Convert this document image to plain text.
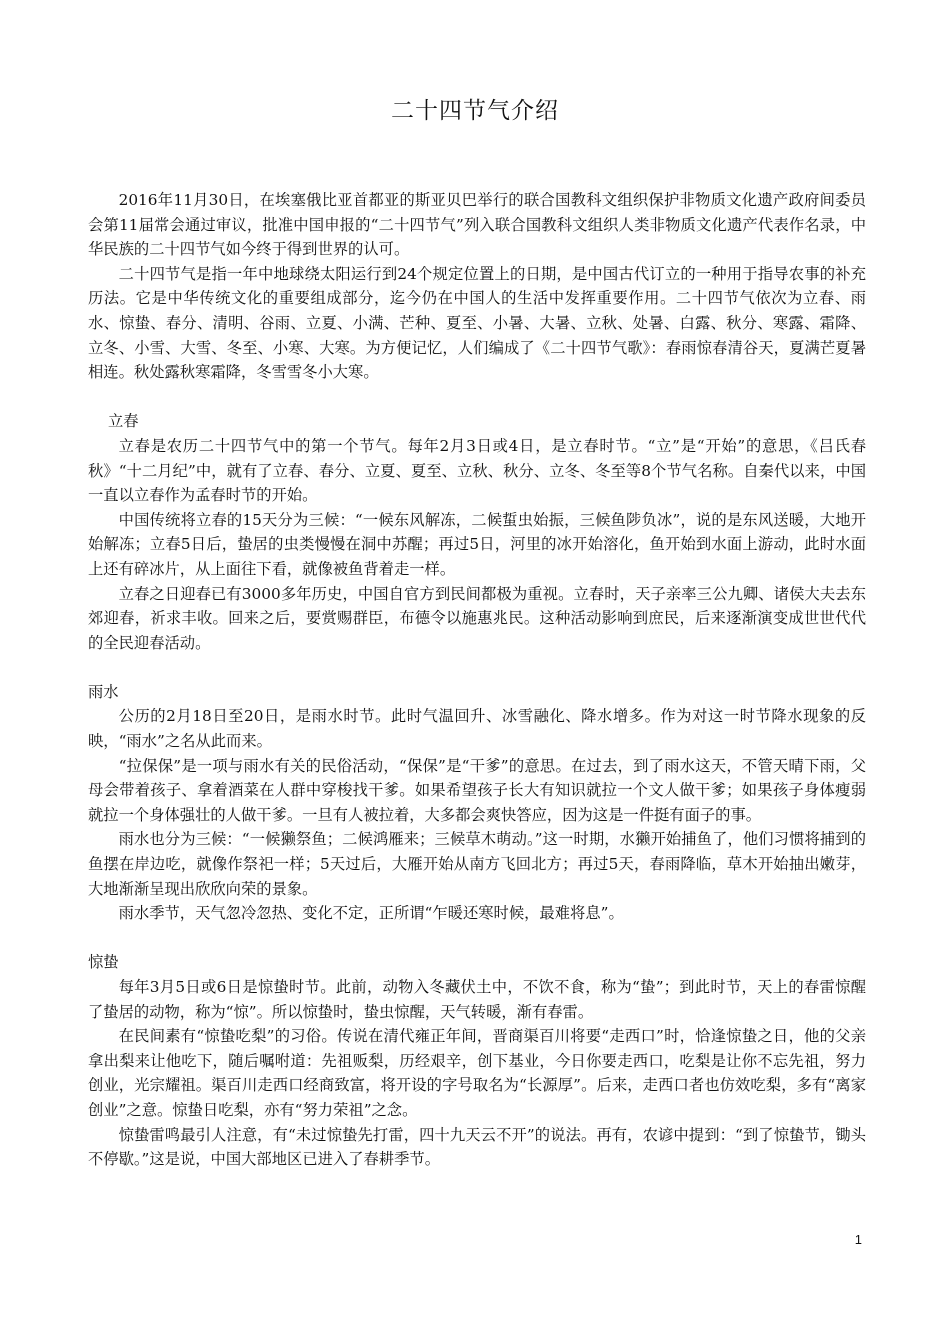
二十四节气介绍

2016年11月30日，在埃塞俄比亚首都亚的斯亚贝巴举行的联合国教科文组织保护非物质文化遗产政府间委员会第11届常会通过审议，批准中国申报的“二十四节气”列入联合国教科文组织人类非物质文化遗产代表作名录，中华民族的二十四节气如今终于得到世界的认可。

二十四节气是指一年中地球绕太阳运行到24个规定位置上的日期，是中国古代订立的一种用于指导农事的补充历法。它是中华传统文化的重要组成部分，迄今仍在中国人的生活中发挥重要作用。二十四节气依次为立春、雨水、惊蛰、春分、清明、谷雨、立夏、小满、芒种、夏至、小暑、大暑、立秋、处暑、白露、秋分、寒露、霜降、立冬、小雪、大雪、冬至、小寒、大寒。为方便记忆，人们编成了《二十四节气歌》：春雨惊春清谷天，夏满芒夏暑相连。秋处露秋寒霜降，冬雪雪冬小大寒。

立春

立春是农历二十四节气中的第一个节气。每年2月3日或4日，是立春时节。“立”是“开始”的意思，《吕氏春秋》“十二月纪”中，就有了立春、春分、立夏、夏至、立秋、秋分、立冬、冬至等8个节气名称。自秦代以来，中国一直以立春作为孟春时节的开始。

中国传统将立春的15天分为三候：“一候东风解冻，二候蜇虫始振，三候鱼陟负冰”，说的是东风送暖，大地开始解冻；立春5日后，蛰居的虫类慢慢在洞中苏醒；再过5日，河里的冰开始溶化，鱼开始到水面上游动，此时水面上还有碎冰片，从上面往下看，就像被鱼背着走一样。

立春之日迎春已有3000多年历史，中国自官方到民间都极为重视。立春时，天子亲率三公九卿、诸侯大夫去东郊迎春，祈求丰收。回来之后，要赏赐群臣，布德令以施惠兆民。这种活动影响到庶民，后来逐渐演变成世世代代的全民迎春活动。

雨水

公历的2月18日至20日，是雨水时节。此时气温回升、冰雪融化、降水增多。作为对这一时节降水现象的反映，“雨水”之名从此而来。

“拉保保”是一项与雨水有关的民俗活动，“保保”是“干爹”的意思。在过去，到了雨水这天，不管天晴下雨，父母会带着孩子、拿着酒菜在人群中穿梭找干爹。如果希望孩子长大有知识就拉一个文人做干爹；如果孩子身体瘦弱就拉一个身体强壮的人做干爹。一旦有人被拉着，大多都会爽快答应，因为这是一件挺有面子的事。

雨水也分为三候：“一候獭祭鱼；二候鸿雁来；三候草木萌动。”这一时期，水獭开始捕鱼了，他们习惯将捕到的鱼摆在岸边吃，就像作祭祀一样；5天过后，大雁开始从南方飞回北方；再过5天，春雨降临，草木开始抽出嫩芽，大地渐渐呈现出欣欣向荣的景象。

雨水季节，天气忽冷忽热、变化不定，正所谓“乍暖还寒时候，最难将息”。

惊蛰

每年3月5日或6日是惊蛰时节。此前，动物入冬藏伏土中，不饮不食，称为“蛰”；到此时节，天上的春雷惊醒了蛰居的动物，称为“惊”。所以惊蛰时，蛰虫惊醒，天气转暖，渐有春雷。

在民间素有“惊蛰吃梨”的习俗。传说在清代雍正年间，晋商渠百川将要“走西口”时，恰逢惊蛰之日，他的父亲拿出梨来让他吃下，随后嘱咐道：先祖贩梨，历经艰辛，创下基业，今日你要走西口，吃梨是让你不忘先祖，努力创业，光宗耀祖。渠百川走西口经商致富，将开设的字号取名为“长源厚”。后来，走西口者也仿效吃梨，多有“离家创业”之意。惊蛰日吃梨，亦有“努力荣祖”之念。

惊蛰雷鸣最引人注意，有“未过惊蛰先打雷，四十九天云不开”的说法。再有，农谚中提到：“到了惊蛰节，锄头不停歇。”这是说，中国大部地区已进入了春耕季节。

1
